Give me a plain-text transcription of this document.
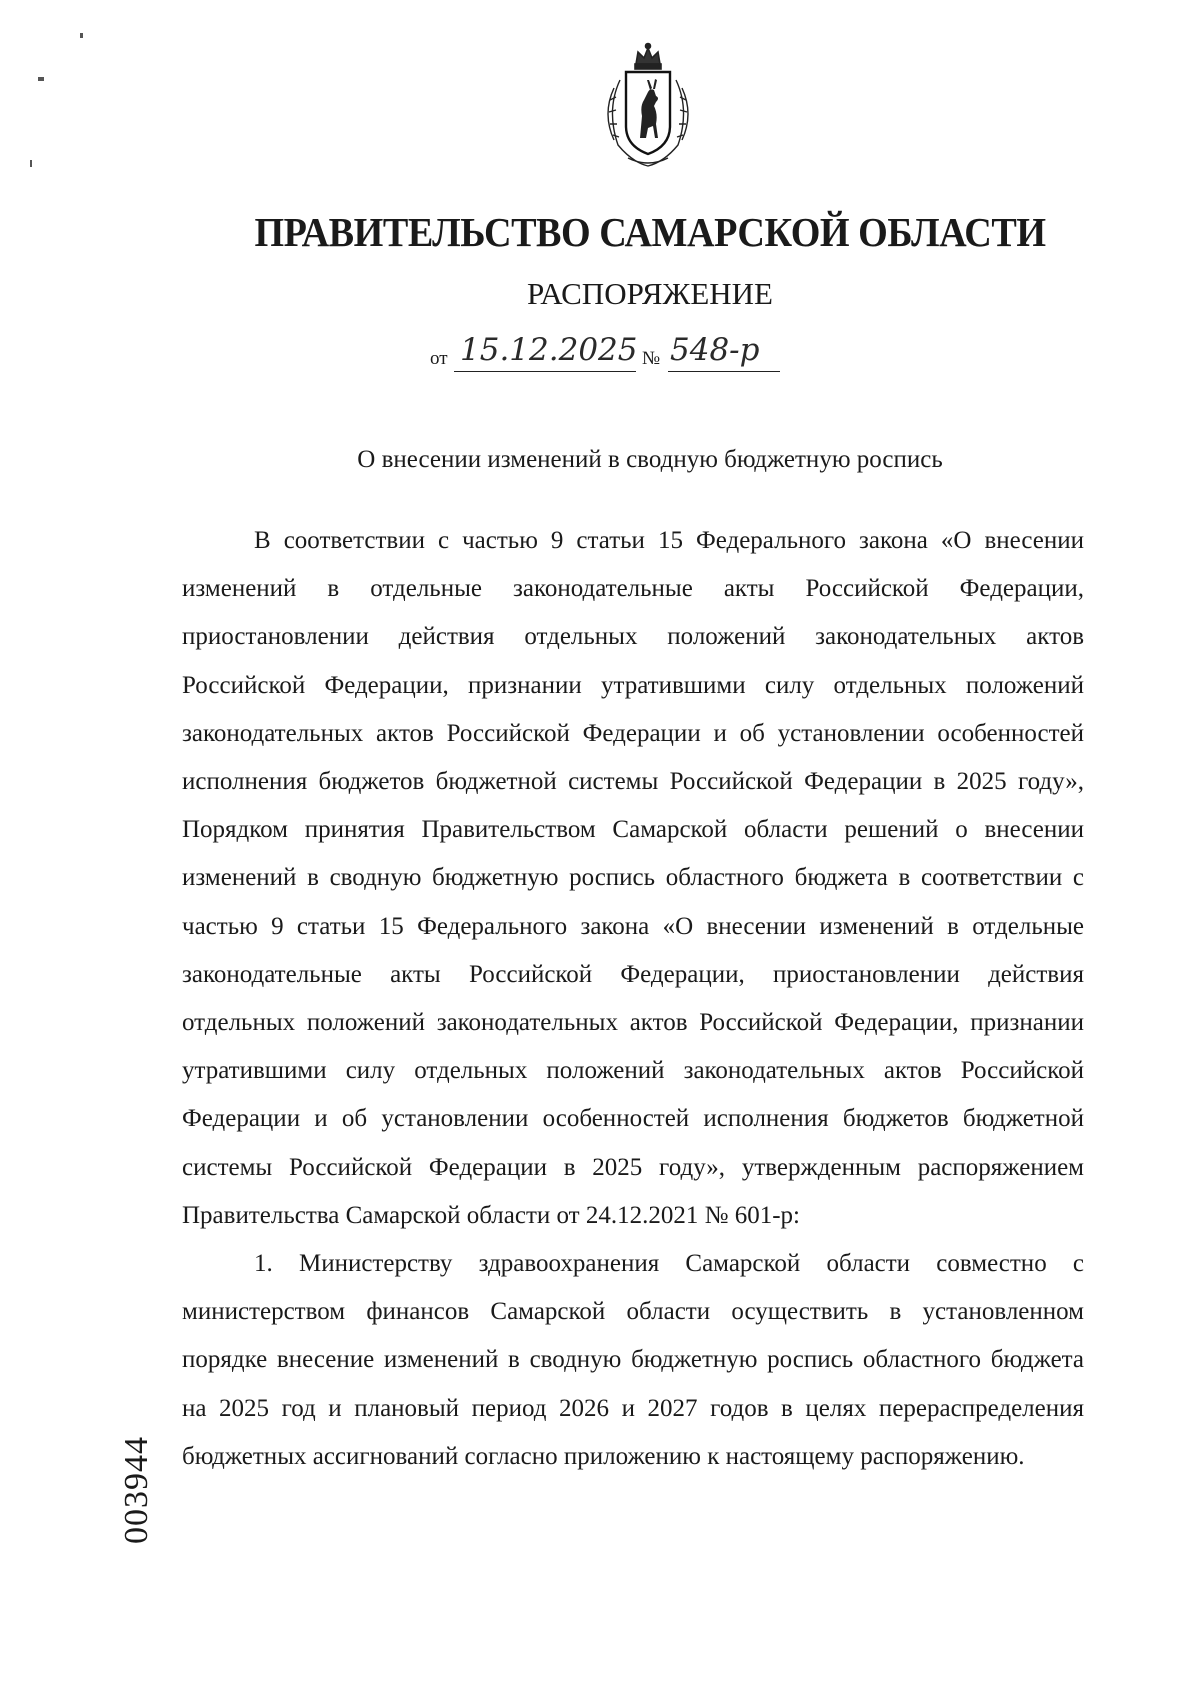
ПРАВИТЕЛЬСТВО САМАРСКОЙ ОБЛАСТИ
РАСПОРЯЖЕНИЕ
от 15.12.2025 № 548-р
О внесении изменений в сводную бюджетную роспись

В соответствии с частью 9 статьи 15 Федерального закона «О внесении изменений в отдельные законодательные акты Российской Федерации, приостановлении действия отдельных положений законодательных актов Российской Федерации, признании утратившими силу отдельных положений законодательных актов Российской Федерации и об установлении особенностей исполнения бюджетов бюджетной системы Российской Федерации в 2025 году», Порядком принятия Правительством Самарской области решений о внесении изменений в сводную бюджетную роспись областного бюджета в соответствии с частью 9 статьи 15 Федерального закона «О внесении изменений в отдельные законодательные акты Российской Федерации, приостановлении действия отдельных положений законодательных актов Российской Федерации, признании утратившими силу отдельных положений законодательных актов Российской Федерации и об установлении особенностей исполнения бюджетов бюджетной системы Российской Федерации в 2025 году», утвержденным распоряжением Правительства Самарской области от 24.12.2021 № 601-р:

1. Министерству здравоохранения Самарской области совместно с министерством финансов Самарской области осуществить в установленном порядке внесение изменений в сводную бюджетную роспись областного бюджета на 2025 год и плановый период 2026 и 2027 годов в целях перераспределения бюджетных ассигнований согласно приложению к настоящему распоряжению.

003944
